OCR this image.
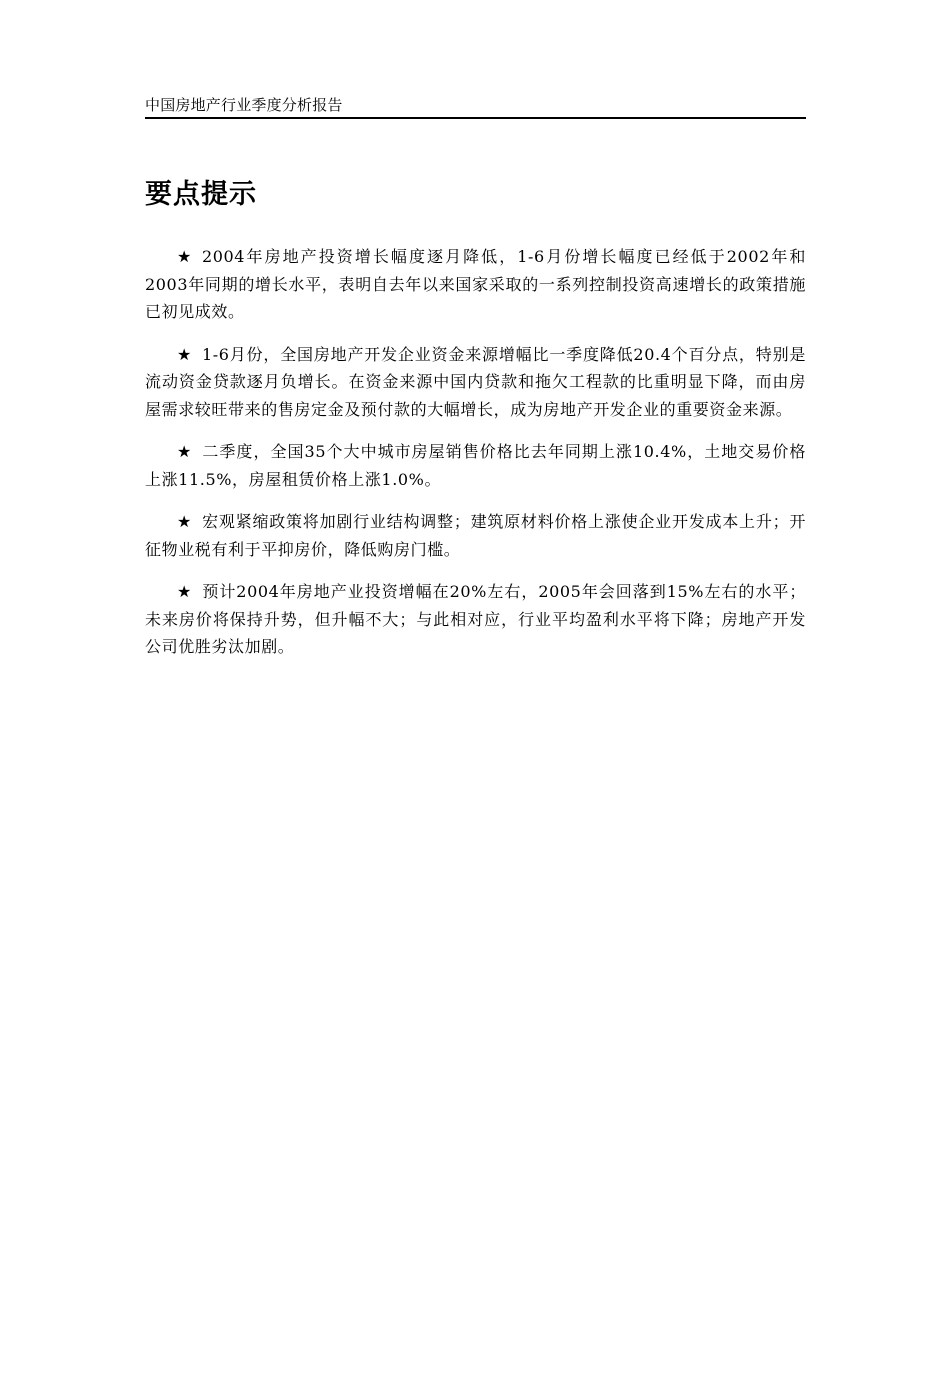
中国房地产行业季度分析报告
要点提示

★ 2004年房地产投资增长幅度逐月降低，1-6月份增长幅度已经低于2002年和2003年同期的增长水平，表明自去年以来国家采取的一系列控制投资高速增长的政策措施已初见成效。

★ 1-6月份，全国房地产开发企业资金来源增幅比一季度降低20.4个百分点，特别是流动资金贷款逐月负增长。在资金来源中国内贷款和拖欠工程款的比重明显下降，而由房屋需求较旺带来的售房定金及预付款的大幅增长，成为房地产开发企业的重要资金来源。

★ 二季度，全国35个大中城市房屋销售价格比去年同期上涨10.4%，土地交易价格上涨11.5%，房屋租赁价格上涨1.0%。

★ 宏观紧缩政策将加剧行业结构调整；建筑原材料价格上涨使企业开发成本上升；开征物业税有利于平抑房价，降低购房门槛。

★ 预计2004年房地产业投资增幅在20%左右，2005年会回落到15%左右的水平；未来房价将保持升势，但升幅不大；与此相对应，行业平均盈利水平将下降；房地产开发公司优胜劣汰加剧。
